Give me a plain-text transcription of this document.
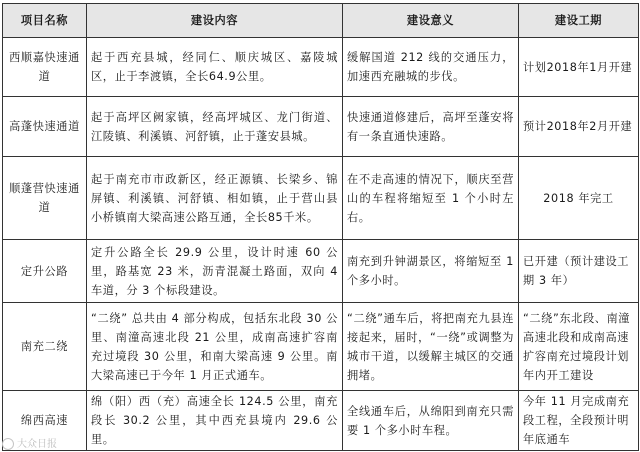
项目名称	建设内容	建设意义	建设工期
西顺嘉快速通道	起于西充县城，经同仁、顺庆城区、嘉陵城区，止于李渡镇，全长64.9公里。	缓解国道 212 线的交通压力，加速西充融城的步伐。	计划2018年1月开建
高蓬快速通道	起于高坪区阙家镇，经高坪城区、龙门街道、江陵镇、利溪镇、河舒镇，止于蓬安县城。	快速通道修建后，高坪至蓬安将有一条直通快速路。	预计2018年2月开建
顺蓬营快速通道	起于南充市市政新区，经正源镇、长梁乡、锦屏镇、利溪镇、河舒镇、相如镇，止于营山县小桥镇南大梁高速公路互通，全长85千米。	在不走高速的情况下，顺庆至营山的车程将缩短至 1 个小时左右。	2018 年完工
定升公路	定升公路全长 29.9 公里，设计时速 60 公里，路基宽 23 米，沥青混凝土路面，双向 4 车道，分 3 个标段建设。	南充到升钟湖景区，将缩短至 1 个多小时。	已开建（预计建设工期 3 年）
南充二绕	“二绕” 总共由 4 部分构成，包括东北段 30 公里、南潼高速北段 21 公里，成南高速扩容南充过境段 30 公里，和南大梁高速 9 公里。南大梁高速已于今年 1 月正式通车。	“二绕”通车后，将把南充九县连接起来，届时，“一绕”或调整为城市干道，以缓解主城区的交通拥堵。	“二绕”东北段、南潼高速北段和成南高速扩容南充过境段计划年内开工建设
绵西高速	绵（阳）西（充）高速全长 124.5 公里，南充段长 30.2 公里，其中西充县境内 29.6 公里。	全线通车后，从绵阳到南充只需要 1 个多小时车程。	今年 11 月完成南充段工程，全段预计明年底通车
大众日报
